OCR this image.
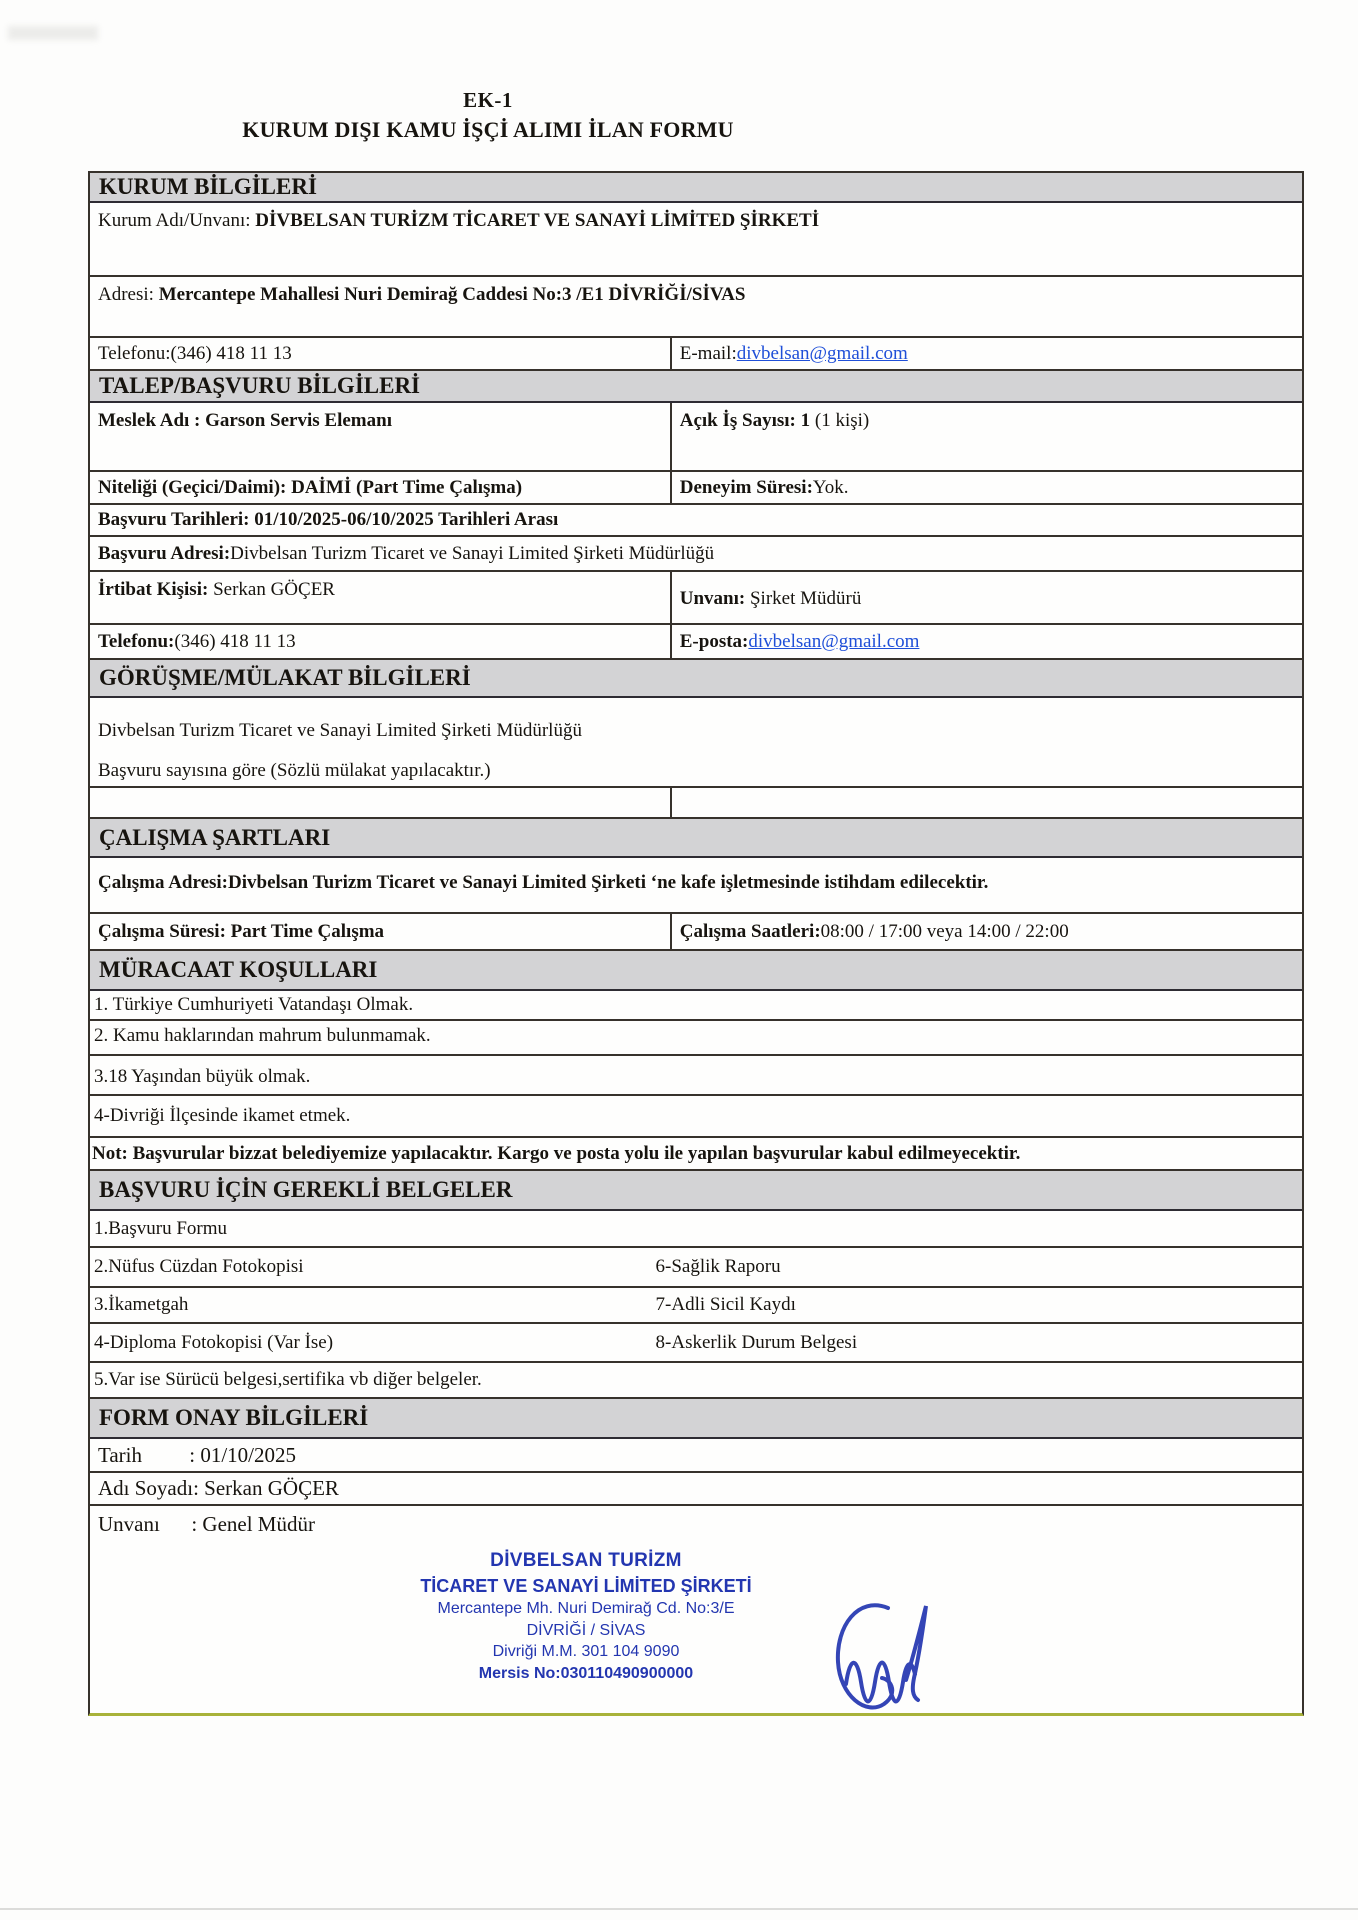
EK-1
KURUM DIŞI KAMU İŞÇİ ALIMI İLAN FORMU
KURUM BİLGİLERİ
Kurum Adı/Unvanı: DİVBELSAN TURİZM TİCARET VE SANAYİ LİMİTED ŞİRKETİ
Adresi: Mercantepe Mahallesi Nuri Demirağ Caddesi No:3 /E1 DİVRİĞİ/SİVAS
Telefonu:(346) 418 11 13	E-mail: divbelsan@gmail.com
TALEP/BAŞVURU BİLGİLERİ
Meslek Adı : Garson Servis Elemanı	Açık İş Sayısı: 1 (1 kişi)
Niteliği (Geçici/Daimi): DAİMİ (Part Time Çalışma)	Deneyim Süresi: Yok.
Başvuru Tarihleri: 01/10/2025-06/10/2025 Tarihleri Arası
Başvuru Adresi:Divbelsan Turizm Ticaret ve Sanayi Limited Şirketi Müdürlüğü
İrtibat Kişisi: Serkan GÖÇER	Unvanı: Şirket Müdürü
Telefonu: (346) 418 11 13	E-posta: divbelsan@gmail.com
GÖRÜŞME/MÜLAKAT BİLGİLERİ
Divbelsan Turizm Ticaret ve Sanayi Limited Şirketi Müdürlüğü
Başvuru sayısına göre (Sözlü mülakat yapılacaktır.)
ÇALIŞMA ŞARTLARI
Çalışma Adresi:Divbelsan Turizm Ticaret ve Sanayi Limited Şirketi ‘ne kafe işletmesinde istihdam edilecektir.
Çalışma Süresi: Part Time Çalışma	Çalışma Saatleri: 08:00 / 17:00 veya 14:00 / 22:00
MÜRACAAT KOŞULLARI
1. Türkiye Cumhuriyeti Vatandaşı Olmak.
2. Kamu haklarından mahrum bulunmamak.
3.18 Yaşından büyük olmak.
4-Divriği İlçesinde ikamet etmek.
Not: Başvurular bizzat belediyemize yapılacaktır. Kargo ve posta yolu ile yapılan başvurular kabul edilmeyecektir.
BAŞVURU İÇİN GEREKLİ BELGELER
1.Başvuru Formu
2.Nüfus Cüzdan Fotokopisi	6-Sağlik Raporu
3.İkametgah	7-Adli Sicil Kaydı
4-Diploma Fotokopisi (Var İse)	8-Askerlik Durum Belgesi
5.Var ise Sürücü belgesi,sertifika vb diğer belgeler.
FORM ONAY BİLGİLERİ
Tarih         : 01/10/2025
Adı Soyadı: Serkan GÖÇER
Unvanı      : Genel Müdür
DİVBELSAN TURİZM
TİCARET VE SANAYİ LİMİTED ŞİRKETİ
Mercantepe Mh. Nuri Demirağ Cd. No:3/E
DİVRİĞİ / SİVAS
Divriği M.M. 301 104 9090
Mersis No:030110490900000
